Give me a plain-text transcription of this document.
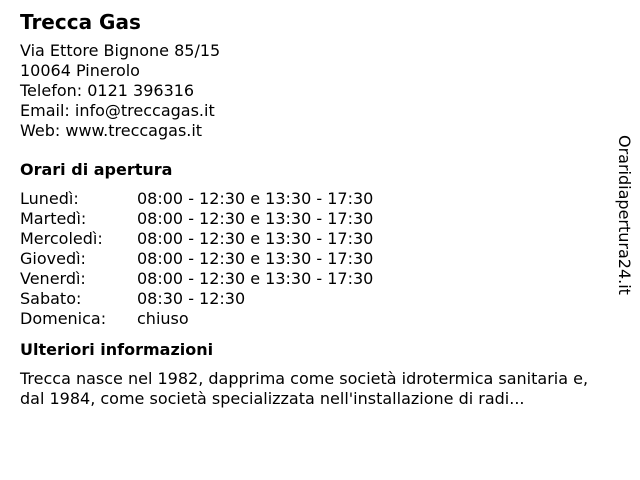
Trecca Gas
Via Ettore Bignone 85/15
10064 Pinerolo
Telefon: 0121 396316
Email: info@treccagas.it
Web: www.treccagas.it
Orari di apertura
Lunedì:	08:00 - 12:30 e 13:30 - 17:30
Martedì:	08:00 - 12:30 e 13:30 - 17:30
Mercoledì:	08:00 - 12:30 e 13:30 - 17:30
Giovedì:	08:00 - 12:30 e 13:30 - 17:30
Venerdì:	08:00 - 12:30 e 13:30 - 17:30
Sabato:	08:30 - 12:30
Domenica:	chiuso
Ulteriori informazioni
Trecca nasce nel 1982, dapprima come società idrotermica sanitaria e, dal 1984, come società specializzata nell'installazione di radi...
Oraridiapertura24.it
